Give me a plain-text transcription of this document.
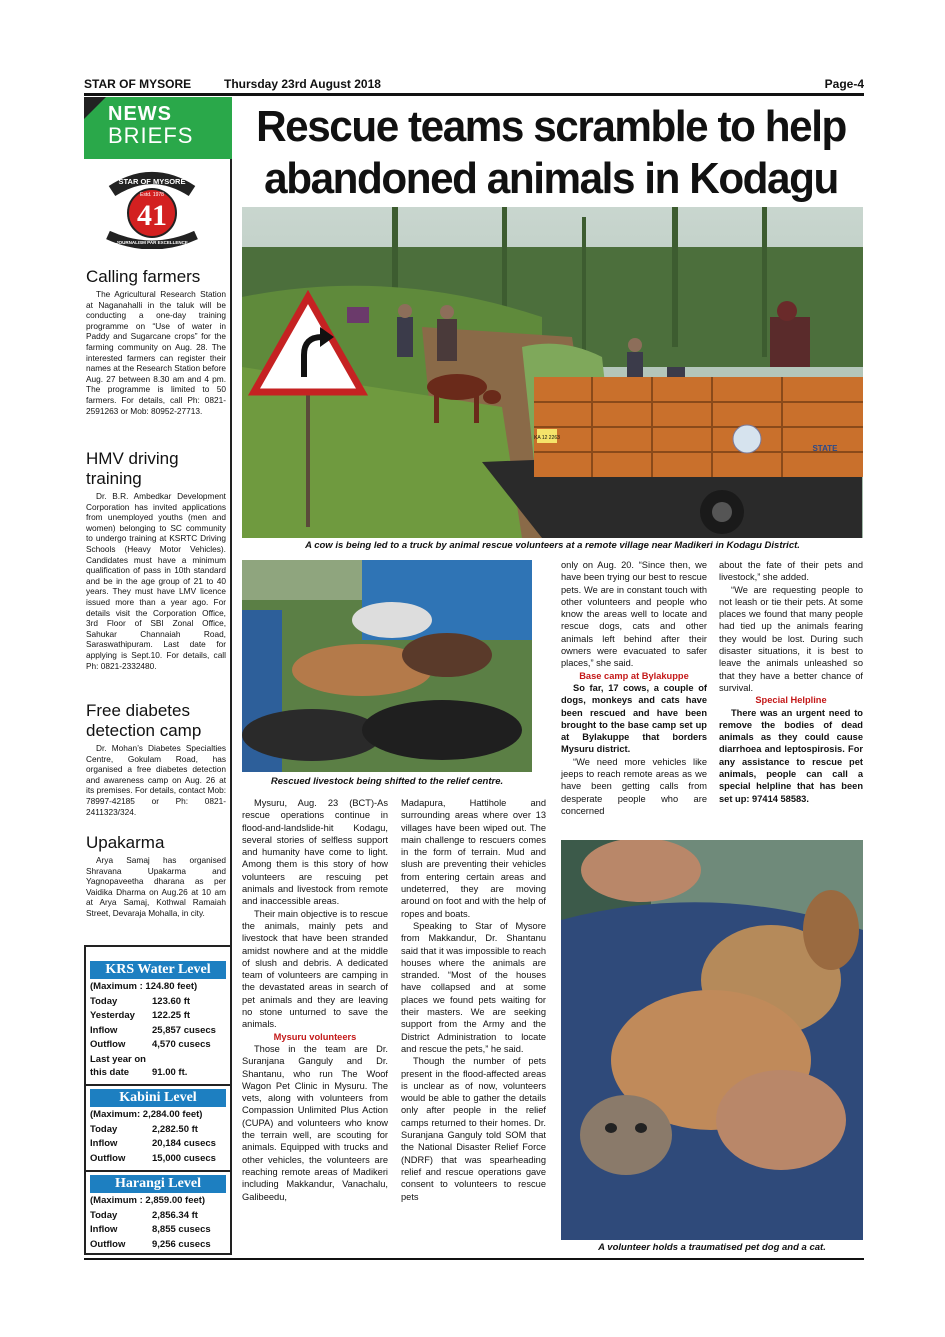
STAR OF MYSORE	Thursday 23rd August 2018	Page-4
NEWS
BRIEFS
STAR OF MYSORE
Estd. 1978
41
JOURNALISM PAR EXCELLENCE
Calling farmers

The Agricultural Research Station at Naganahalli in the taluk will be conducting a one-day training programme on “Use of water in Paddy and Sugarcane crops” for the farming community on Aug. 28. The interested farmers can register their names at the Research Station before Aug. 27 between 8.30 am and 4 pm. The programme is limited to 50 farmers. For details, call Ph: 0821-2591263 or Mob: 80952-27713.

HMV driving training

Dr. B.R. Ambedkar Development Corporation has invited applications from unemployed youths (men and women) belonging to SC community to undergo training at KSRTC Driving Schools (Heavy Motor Vehicles). Candidates must have a minimum qualification of pass in 10th standard and be in the age group of 21 to 40 years. They must have LMV licence issued more than a year ago. For details visit the Corporation Office, 3rd Floor of SBI Zonal Office, Sahukar Channaiah Road, Saraswathipuram. Last date for applying is Sept.10. For details, call Ph: 0821-2332480.

Free diabetes detection camp

Dr. Mohan’s Diabetes Specialties Centre, Gokulam Road, has organised a free diabetes detection and awareness camp on Aug. 26 at its premises. For details, contact Mob: 78997-42185 or Ph: 0821-2411323/324.

Upakarma

Arya Samaj has organised Shravana Upakarma and Yagnopaveetha dharana as per Vaidika Dharma on Aug.26 at 10 am at Arya Samaj, Kothwal Ramaiah Street, Devaraja Mohalla, in city.

KRS Water Level
(Maximum : 124.80 feet)
Today	123.60 ft
Yesterday	122.25 ft
Inflow	25,857 cusecs
Outflow	4,570 cusecs
Last year on
this date	91.00 ft.
Kabini Level
(Maximum: 2,284.00 feet)
Today	2,282.50 ft
Inflow	20,184 cusecs
Outflow	15,000 cusecs
Harangi Level
(Maximum : 2,859.00 feet)
Today	2,856.34 ft
Inflow	8,855 cusecs
Outflow	9,256 cusecs
Rescue teams scramble to help
abandoned animals in Kodagu
KA 12 2263
STATE
A cow is being led to a truck by animal rescue volunteers at a remote village near Madikeri in Kodagu District.
Rescued livestock being shifted to the relief centre.
A volunteer holds a traumatised pet dog and a cat.

Mysuru, Aug. 23 (BCT)-As rescue operations continue in flood-and-landslide-hit Kodagu, several stories of selfless support and humanity have come to light. Among them is this story of how volunteers are rescuing pet animals and livestock from remote and inaccessible areas.

Their main objective is to rescue the animals, mainly pets and livestock that have been stranded amidst nowhere and at the middle of slush and debris. A dedicated team of volunteers are camping in the devastated areas in search of pet animals and they are leaving no stone unturned to save the animals.

Mysuru volunteers

Those in the team are Dr. Suranjana Ganguly and Dr. Shantanu, who run The Woof Wagon Pet Clinic in Mysuru. The vets, along with volunteers from Compassion Unlimited Plus Action (CUPA) and volunteers who know the terrain well, are scouting for animals. Equipped with trucks and other vehicles, the volunteers are reaching remote areas of Madikeri including Makkandur, Vanachalu, Galibeedu,

Madapura, Hattihole and surrounding areas where over 13 villages have been wiped out. The main challenge to rescuers comes in the form of terrain. Mud and slush are preventing their vehicles from entering certain areas and undeterred, they are moving around on foot and with the help of ropes and boats.

Speaking to Star of Mysore from Makkandur, Dr. Shantanu said that it was impossible to reach houses where the animals are stranded. “Most of the houses have collapsed and at some places we found pets waiting for their masters. We are seeking support from the Army and the District Administration to locate and rescue the pets,” he said.

Though the number of pets present in the flood-affected areas is unclear as of now, volunteers would be able to gather the details only after people in the relief camps returned to their homes. Dr. Suranjana Ganguly told SOM that the National Disaster Relief Force (NDRF) that was spearheading relief and rescue operations gave consent to volunteers to rescue pets

only on Aug. 20. “Since then, we have been trying our best to rescue pets. We are in constant touch with other volunteers and people who know the areas well to locate and rescue dogs, cats and other animals left behind after their owners were evacuated to safer places,” she said.

Base camp at Bylakuppe

So far, 17 cows, a couple of dogs, monkeys and cats have been rescued and have been brought to the base camp set up at Bylakuppe that borders Mysuru district.

“We need more vehicles like jeeps to reach remote areas as we have been getting calls from desperate people who are concerned

about the fate of their pets and livestock,” she added.

“We are requesting people to not leash or tie their pets. At some places we found that many people had tied up the animals fearing they would be lost. During such disaster situations, it is best to leave the animals unleashed so that they have a better chance of survival.

Special Helpline

There was an urgent need to remove the bodies of dead animals as they could cause diarrhoea and leptospirosis. For any assistance to rescue pet animals, people can call a special helpline that has been set up: 97414 58583.
